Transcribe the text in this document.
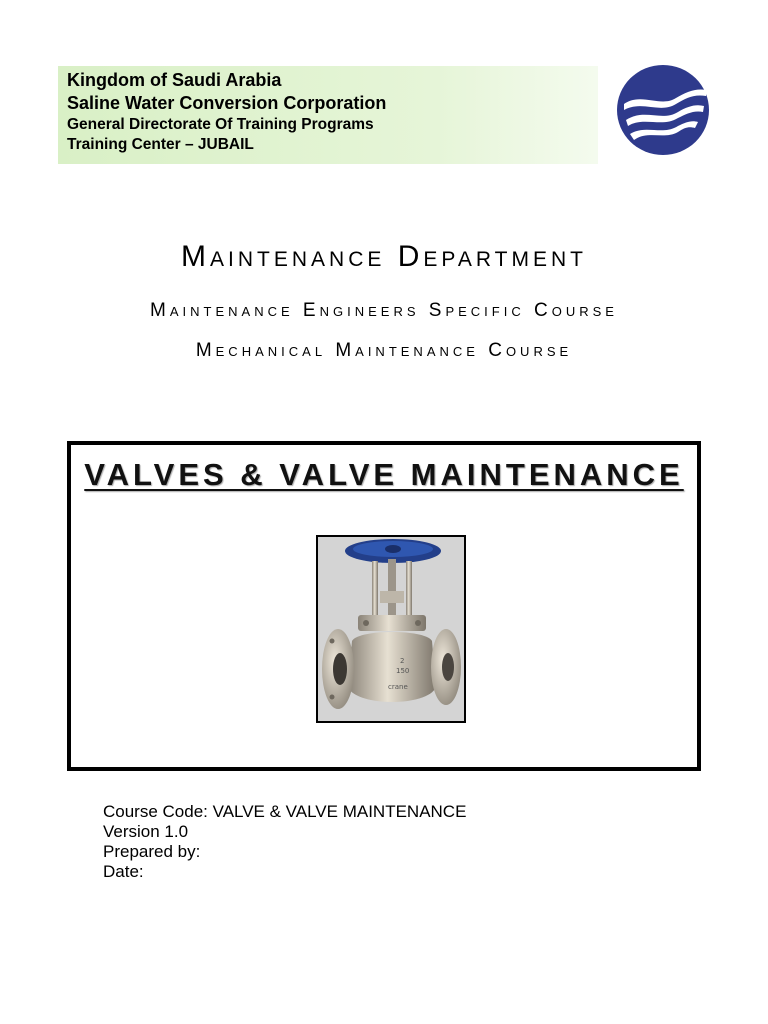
Kingdom of Saudi Arabia
Saline Water Conversion Corporation
General Directorate Of Training Programs
Training Center – JUBAIL
Maintenance Department
Maintenance Engineers Specific Course
Mechanical Maintenance Course
VALVES & VALVE MAINTENANCE
2
150
crane
Course Code: VALVE & VALVE MAINTENANCE
Version 1.0
Prepared by:
Date:
